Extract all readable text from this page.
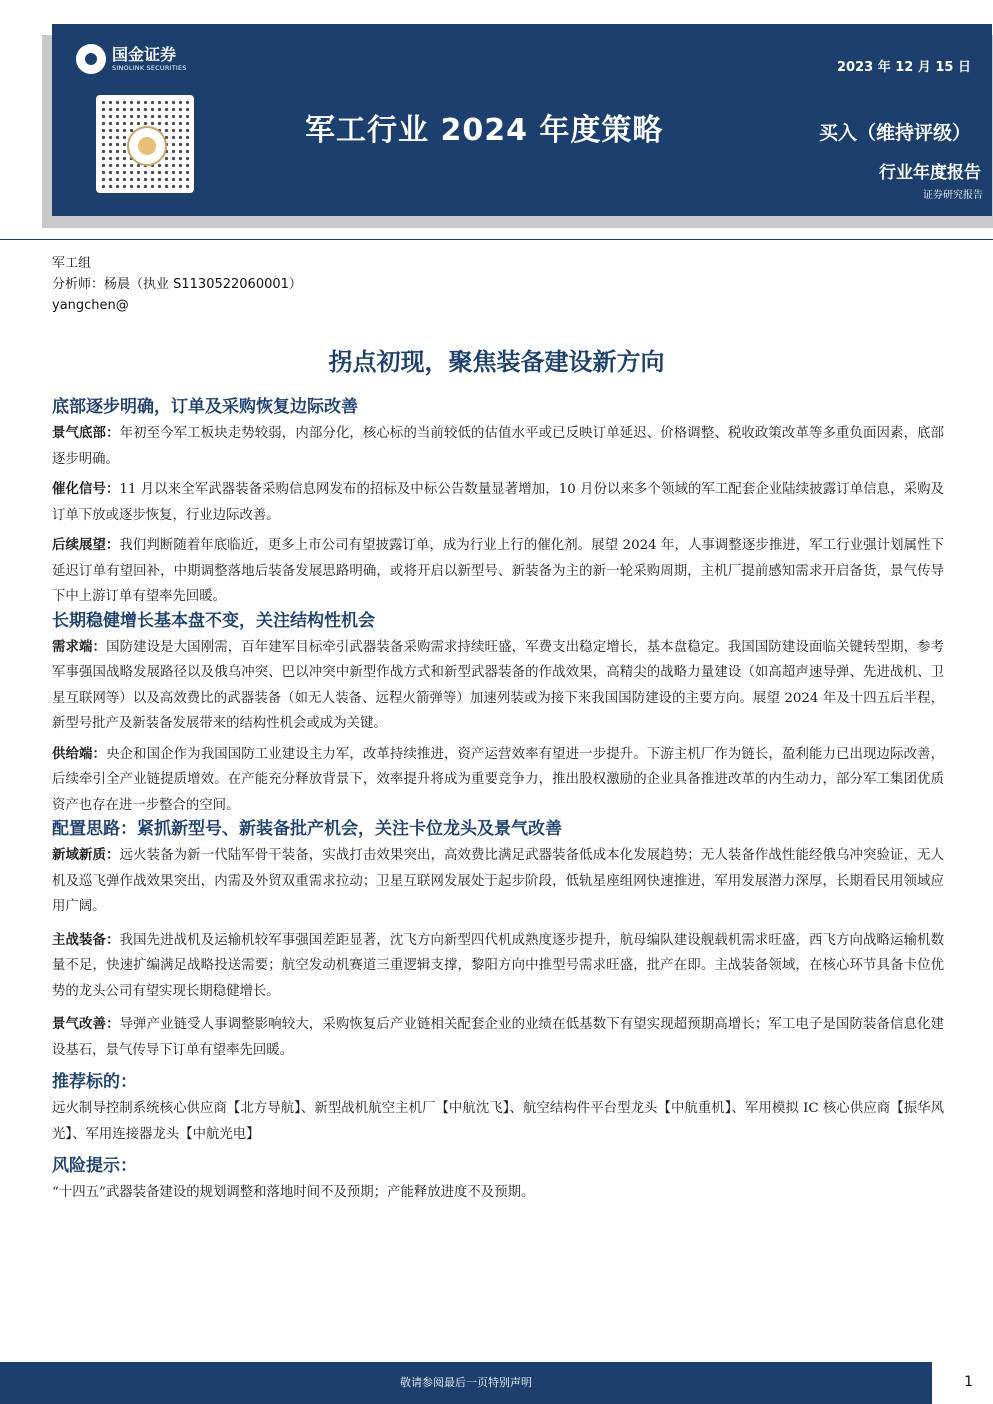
国金证券
SINOLINK SECURITIES	2023 年 12 月 15 日
军工行业 2024 年度策略	买入（维持评级）
行业年度报告
证券研究报告
军工组
分析师：杨晨（执业 S1130522060001）
yangchen@
拐点初现，聚焦装备建设新方向
底部逐步明确，订单及采购恢复边际改善

景气底部：年初至今军工板块走势较弱，内部分化，核心标的当前较低的估值水平或已反映订单延迟、价格调整、税收政策改革等多重负面因素，底部逐步明确。

催化信号：11 月以来全军武器装备采购信息网发布的招标及中标公告数量显著增加，10 月份以来多个领域的军工配套企业陆续披露订单信息，采购及订单下放或逐步恢复，行业边际改善。

后续展望：我们判断随着年底临近，更多上市公司有望披露订单，成为行业上行的催化剂。展望 2024 年，人事调整逐步推进，军工行业强计划属性下延迟订单有望回补，中期调整落地后装备发展思路明确，或将开启以新型号、新装备为主的新一轮采购周期，主机厂提前感知需求开启备货，景气传导下中上游订单有望率先回暖。

长期稳健增长基本盘不变，关注结构性机会

需求端：国防建设是大国刚需，百年建军目标牵引武器装备采购需求持续旺盛，军费支出稳定增长，基本盘稳定。我国国防建设面临关键转型期，参考军事强国战略发展路径以及俄乌冲突、巴以冲突中新型作战方式和新型武器装备的作战效果，高精尖的战略力量建设（如高超声速导弹、先进战机、卫星互联网等）以及高效费比的武器装备（如无人装备、远程火箭弹等）加速列装或为接下来我国国防建设的主要方向。展望 2024 年及十四五后半程，新型号批产及新装备发展带来的结构性机会或成为关键。

供给端：央企和国企作为我国国防工业建设主力军，改革持续推进，资产运营效率有望进一步提升。下游主机厂作为链长，盈利能力已出现边际改善，后续牵引全产业链提质增效。在产能充分释放背景下，效率提升将成为重要竞争力，推出股权激励的企业具备推进改革的内生动力，部分军工集团优质资产也存在进一步整合的空间。

配置思路：紧抓新型号、新装备批产机会，关注卡位龙头及景气改善

新域新质：远火装备为新一代陆军骨干装备，实战打击效果突出，高效费比满足武器装备低成本化发展趋势；无人装备作战性能经俄乌冲突验证，无人机及巡飞弹作战效果突出，内需及外贸双重需求拉动；卫星互联网发展处于起步阶段，低轨星座组网快速推进，军用发展潜力深厚，长期看民用领域应用广阔。

主战装备：我国先进战机及运输机较军事强国差距显著，沈飞方向新型四代机成熟度逐步提升，航母编队建设舰载机需求旺盛，西飞方向战略运输机数量不足，快速扩编满足战略投送需要；航空发动机赛道三重逻辑支撑，黎阳方向中推型号需求旺盛，批产在即。主战装备领域，在核心环节具备卡位优势的龙头公司有望实现长期稳健增长。

景气改善：导弹产业链受人事调整影响较大，采购恢复后产业链相关配套企业的业绩在低基数下有望实现超预期高增长；军工电子是国防装备信息化建设基石，景气传导下订单有望率先回暖。

推荐标的：

远火制导控制系统核心供应商【北方导航】、新型战机航空主机厂【中航沈飞】、航空结构件平台型龙头【中航重机】、军用模拟 IC 核心供应商【振华风光】、军用连接器龙头【中航光电】

风险提示：

“十四五”武器装备建设的规划调整和落地时间不及预期；产能释放进度不及预期。

敬请参阅最后一页特别声明	1
